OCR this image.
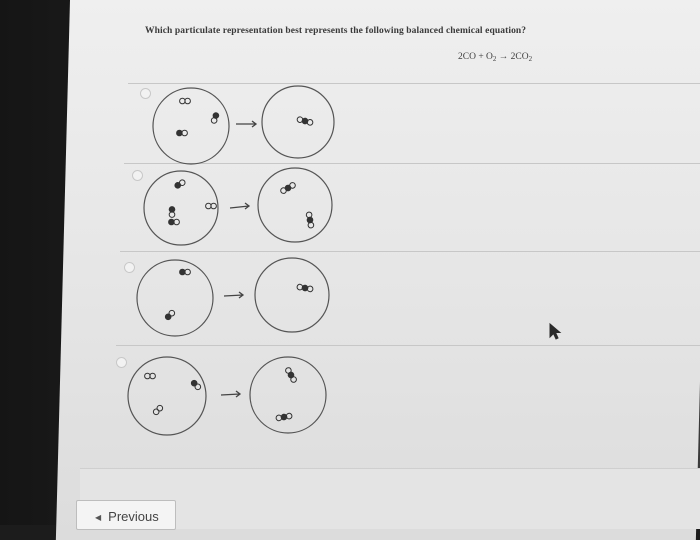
Which particulate representation best represents the following balanced chemical equation?
$2CO + O_2 \to 2CO_2$
◀ Previous
